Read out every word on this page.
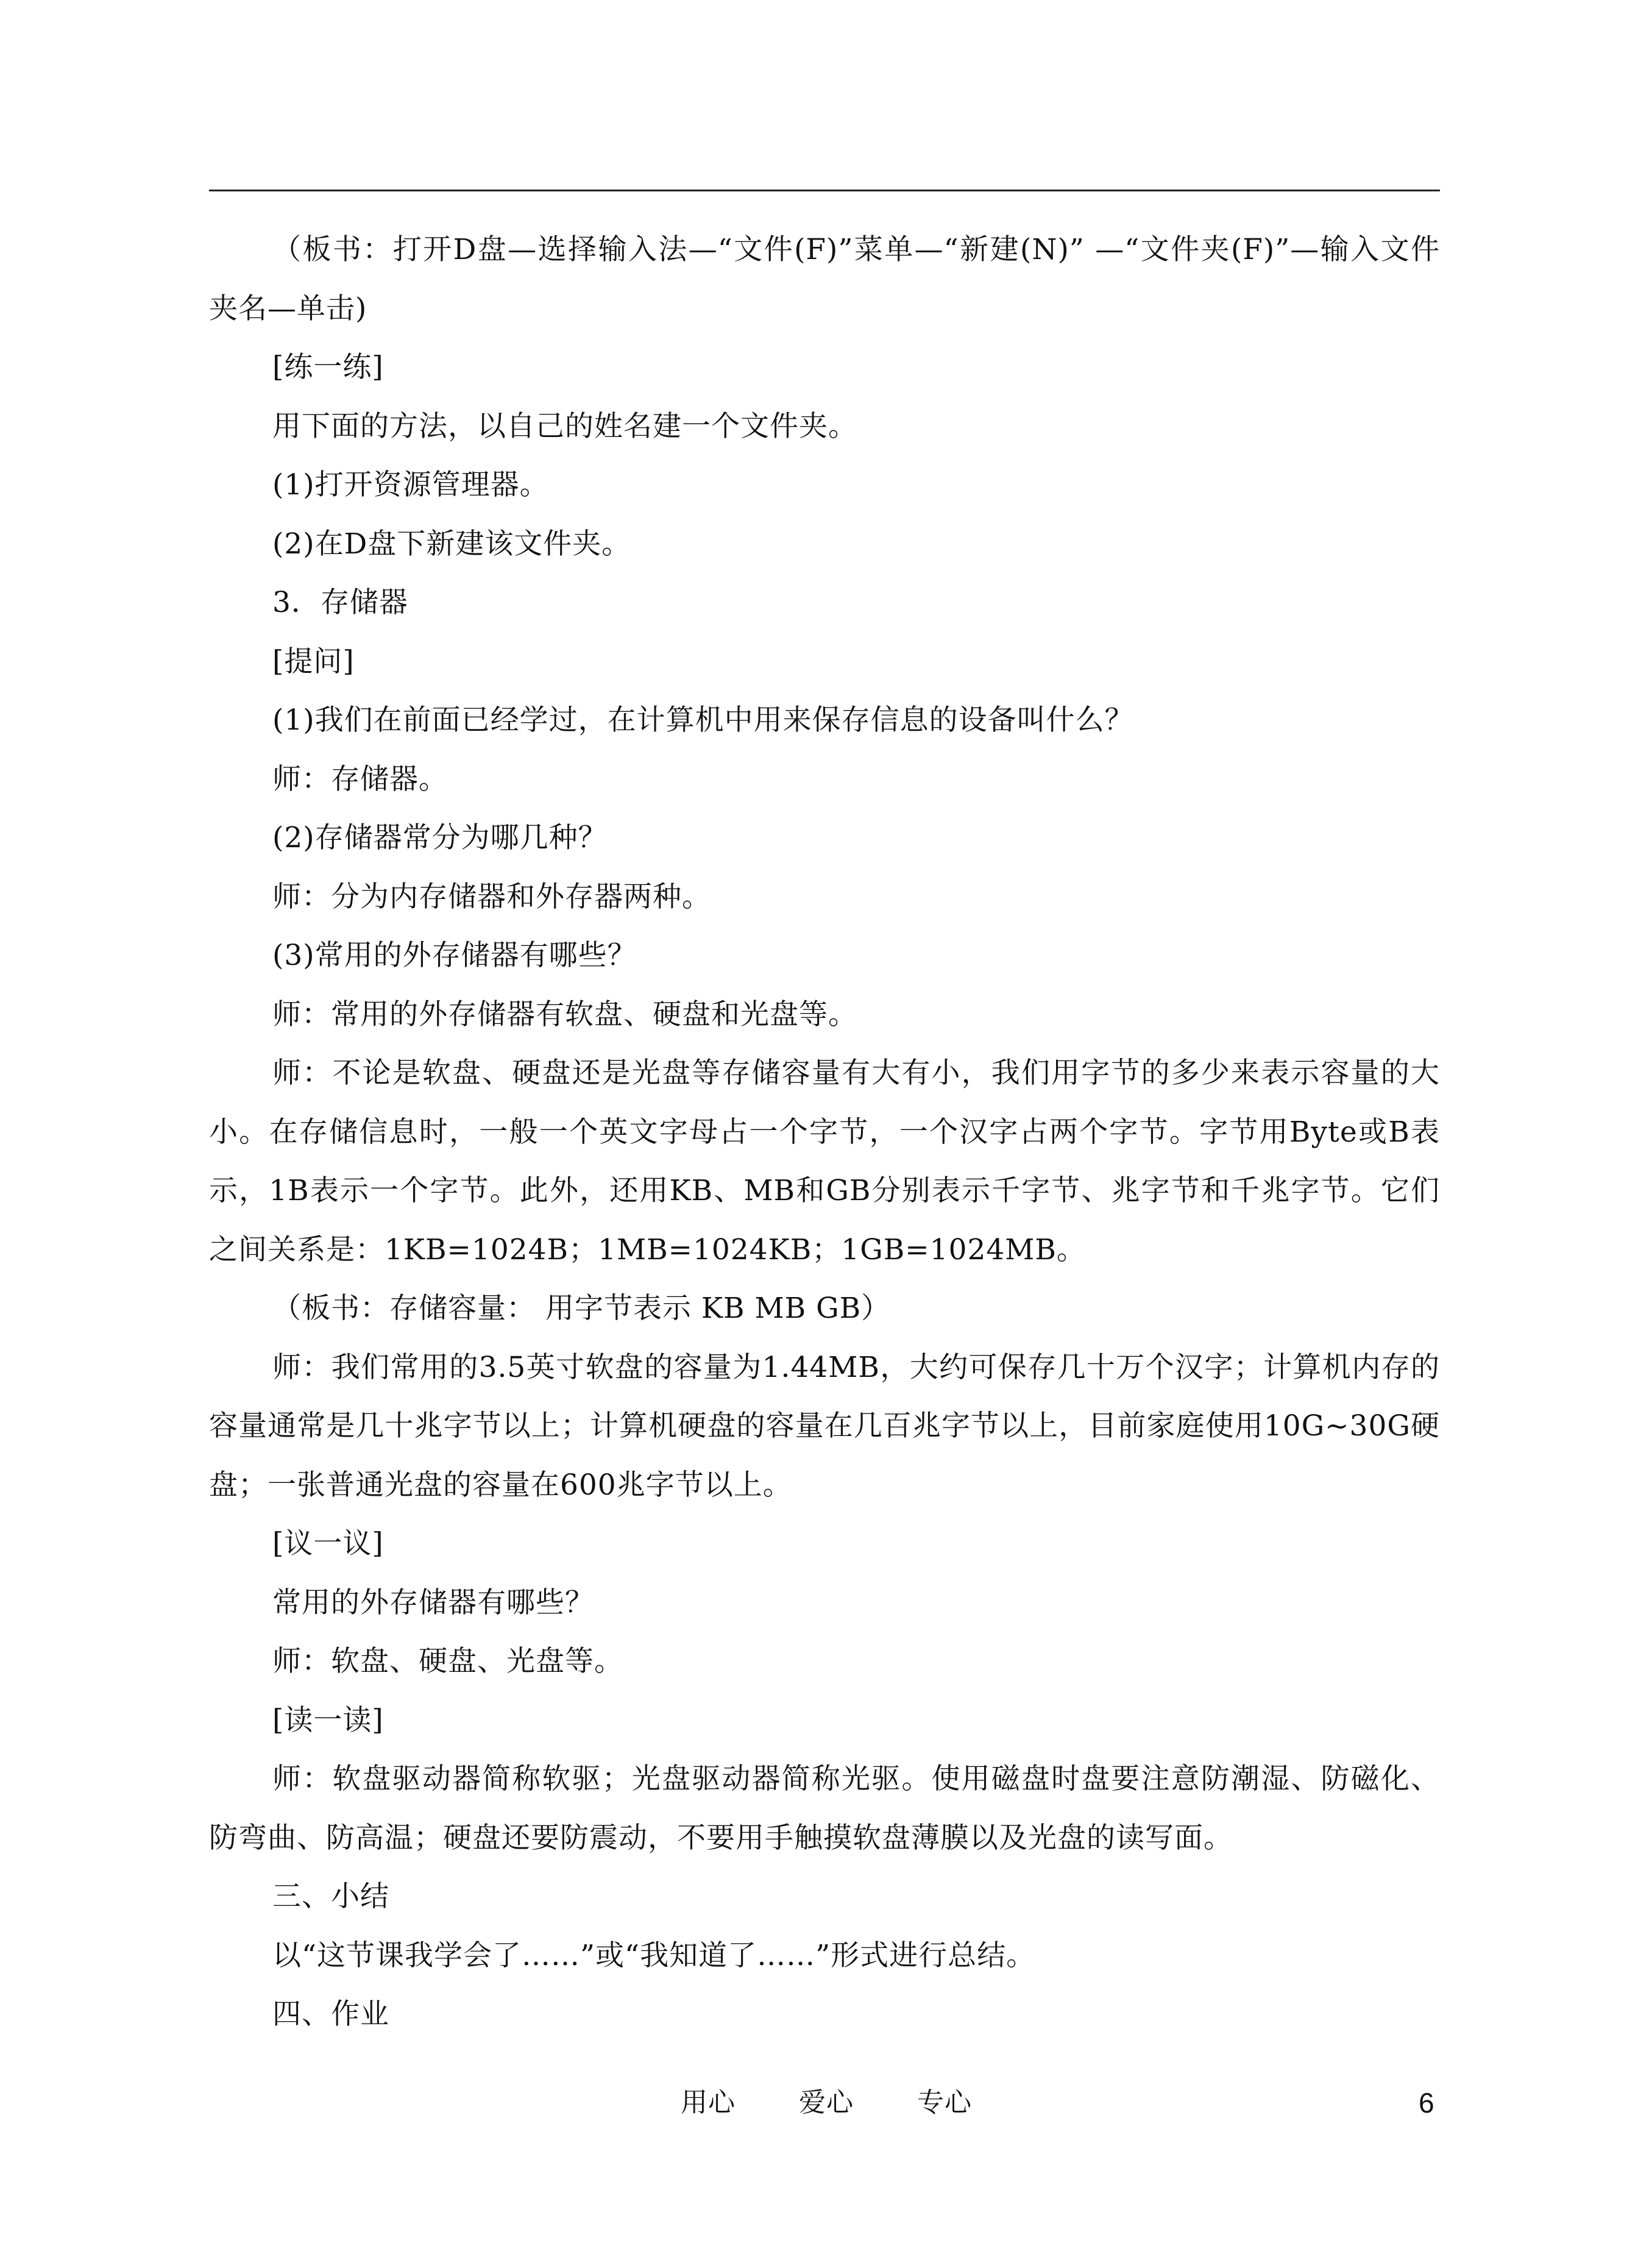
（板书：打开D盘—选择输入法—“文件(F)”菜单—“新建(N)” —“文件夹(F)”—输入文件夹名—单击)

[练一练]

用下面的方法，以自己的姓名建一个文件夹。

(1)打开资源管理器。

(2)在D盘下新建该文件夹。

3．存储器

[提问]

(1)我们在前面已经学过，在计算机中用来保存信息的设备叫什么？

师：存储器。

(2)存储器常分为哪几种？

师：分为内存储器和外存器两种。

(3)常用的外存储器有哪些？

师：常用的外存储器有软盘、硬盘和光盘等。

师：不论是软盘、硬盘还是光盘等存储容量有大有小，我们用字节的多少来表示容量的大小。在存储信息时，一般一个英文字母占一个字节，一个汉字占两个字节。字节用Byte或B表示，1B表示一个字节。此外，还用KB、MB和GB分别表示千字节、兆字节和千兆字节。它们之间关系是：1KB=1024B；1MB=1024KB；1GB=1024MB。

（板书：存储容量： 用字节表示 KB MB GB）

师：我们常用的3.5英寸软盘的容量为1.44MB，大约可保存几十万个汉字；计算机内存的容量通常是几十兆字节以上；计算机硬盘的容量在几百兆字节以上，目前家庭使用10G~30G硬盘；一张普通光盘的容量在600兆字节以上。

[议一议]

常用的外存储器有哪些？

师：软盘、硬盘、光盘等。

[读一读]

师：软盘驱动器简称软驱；光盘驱动器简称光驱。使用磁盘时盘要注意防潮湿、防磁化、防弯曲、防高温；硬盘还要防震动，不要用手触摸软盘薄膜以及光盘的读写面。

三、小结

以“这节课我学会了……”或“我知道了……”形式进行总结。

四、作业

用心 爱心 专心	6
